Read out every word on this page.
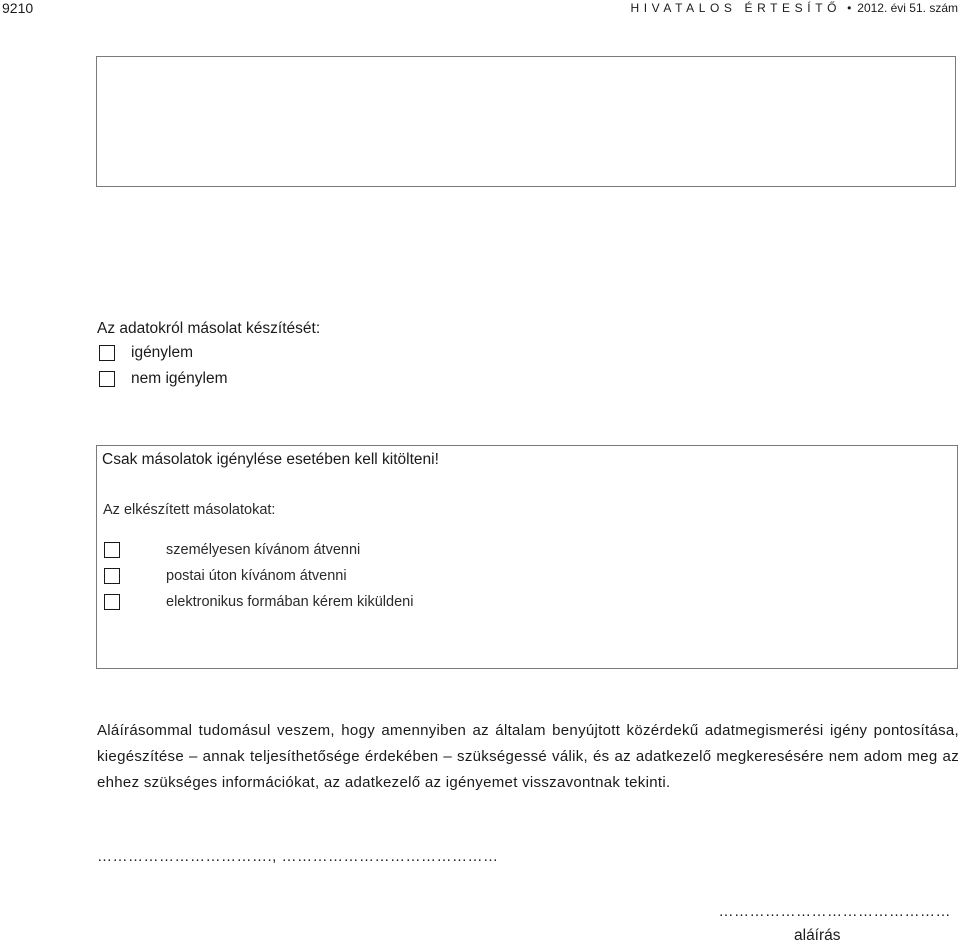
9210	HIVATALOS ÉRTESÍTŐ • 2012. évi 51. szám
Az adatokról másolat készítését:
igénylem
nem igénylem
Csak másolatok igénylése esetében kell kitölteni!
Az elkészített másolatokat:
személyesen kívánom átvenni
postai úton kívánom átvenni
elektronikus formában kérem kiküldeni
Aláírásommal tudomásul veszem, hogy amennyiben az általam benyújtott közérdekű adatmegismerési igény pontosítása, kiegészítése – annak teljesíthetősége érdekében – szükségessé válik, és az adatkezelő megkeresésére nem adom meg az ehhez szükséges információkat, az adatkezelő az igényemet visszavontnak tekinti.
……………………………., ……………………………………
………………………………………
aláírás
